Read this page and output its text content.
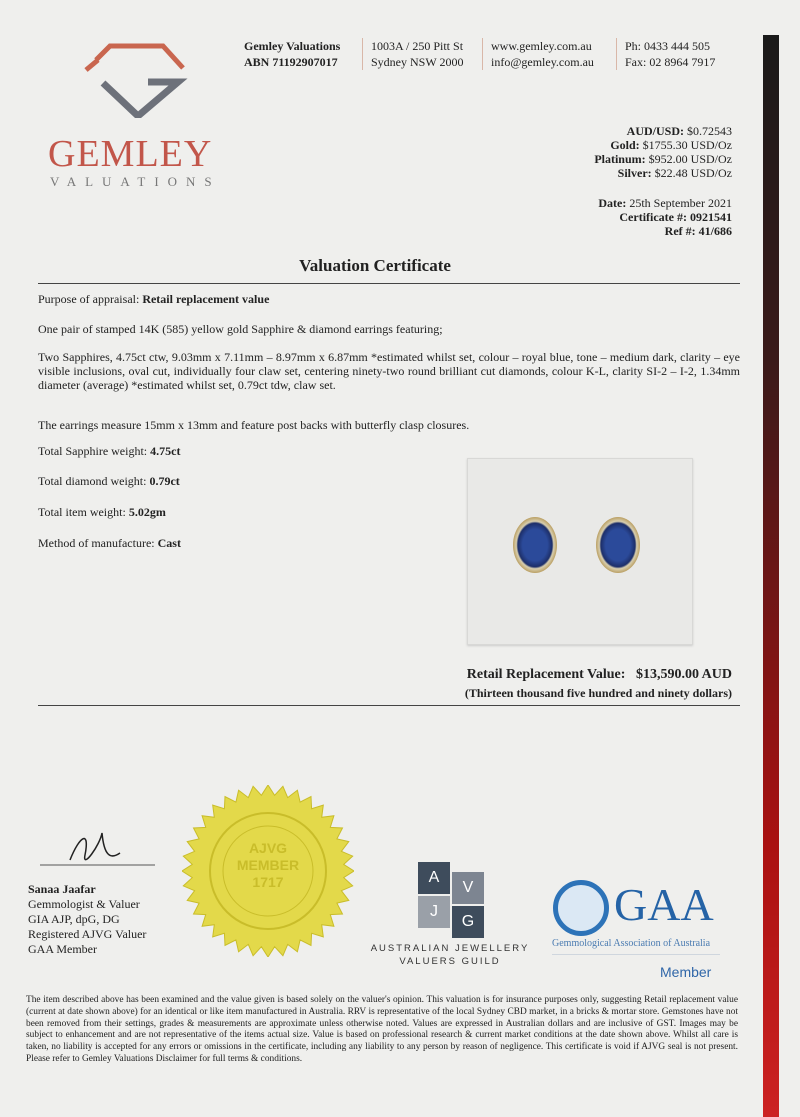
GEMLEY
VALUATIONS
Gemley Valuations
ABN 71192907017
1003A / 250 Pitt St
Sydney NSW 2000
www.gemley.com.au
info@gemley.com.au
Ph: 0433 444 505
Fax: 02 8964 7917
AUD/USD: $0.72543
Gold: $1755.30 USD/Oz
Platinum: $952.00 USD/Oz
Silver: $22.48 USD/Oz
Date: 25th September 2021
Certificate #: 0921541
Ref #: 41/686
Valuation Certificate
Purpose of appraisal: Retail replacement value
One pair of stamped 14K (585) yellow gold Sapphire & diamond earrings featuring;
Two Sapphires, 4.75ct ctw, 9.03mm x 7.11mm – 8.97mm x 6.87mm *estimated whilst set, colour – royal blue, tone – medium dark, clarity – eye visible inclusions, oval cut, individually four claw set, centering ninety-two round brilliant cut diamonds, colour K-L, clarity SI-2 – I-2, 1.34mm diameter (average) *estimated whilst set, 0.79ct tdw, claw set.
The earrings measure 15mm x 13mm and feature post backs with butterfly clasp closures.
Total Sapphire weight: 4.75ct
Total diamond weight: 0.79ct
Total item weight: 5.02gm
Method of manufacture: Cast
Retail Replacement Value: $13,590.00 AUD
(Thirteen thousand five hundred and ninety dollars)
Sanaa Jaafar
Gemmologist & Valuer
GIA AJP, dpG, DG
Registered AJVG Valuer
GAA Member
AJVG
MEMBER
1717	A
V
J
G
AUSTRALIAN JEWELLERY
VALUERS GUILD
GAA
Gemmological Association of Australia
Member
The item described above has been examined and the value given is based solely on the valuer's opinion. This valuation is for insurance purposes only, suggesting Retail replacement value (current at date shown above) for an identical or like item manufactured in Australia. RRV is representative of the local Sydney CBD market, in a bricks & mortar store. Gemstones have not been removed from their settings, grades & measurements are approximate unless otherwise noted. Values are expressed in Australian dollars and are inclusive of GST. Images may be subject to enhancement and are not representative of the items actual size. Value is based on professional research & current market conditions at the date shown above. Whilst all care is taken, no liability is accepted for any errors or omissions in the certificate, including any liability to any person by reason of negligence. This certificate is void if AJVG seal is not present. Please refer to Gemley Valuations Disclaimer for full terms & conditions.
